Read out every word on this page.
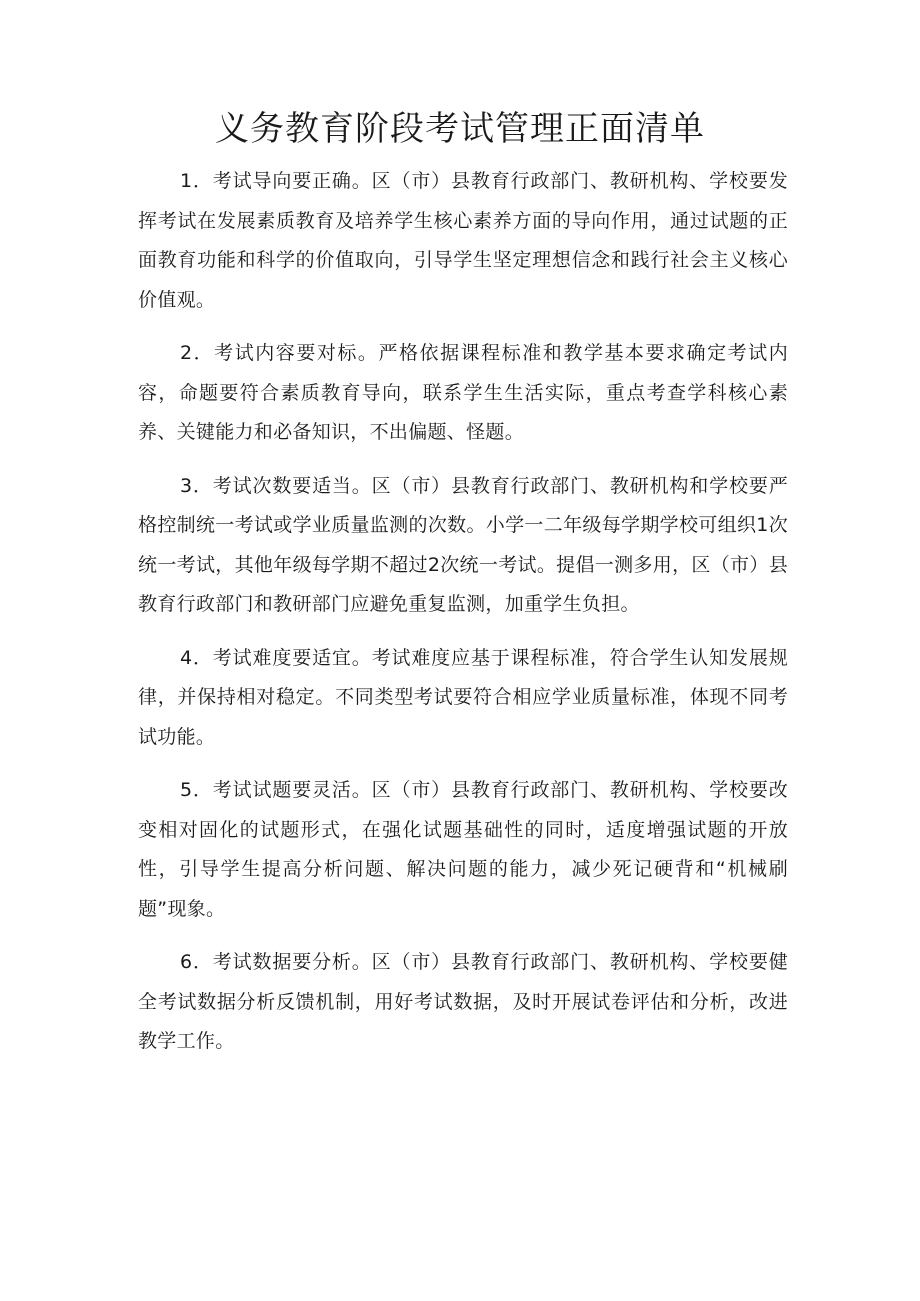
义务教育阶段考试管理正面清单

1．考试导向要正确。区（市）县教育行政部门、教研机构、学校要发挥考试在发展素质教育及培养学生核心素养方面的导向作用，通过试题的正面教育功能和科学的价值取向，引导学生坚定理想信念和践行社会主义核心价值观。

2．考试内容要对标。严格依据课程标准和教学基本要求确定考试内容，命题要符合素质教育导向，联系学生生活实际，重点考查学科核心素养、关键能力和必备知识，不出偏题、怪题。

3．考试次数要适当。区（市）县教育行政部门、教研机构和学校要严格控制统一考试或学业质量监测的次数。小学一二年级每学期学校可组织1次统一考试，其他年级每学期不超过2次统一考试。提倡一测多用，区（市）县教育行政部门和教研部门应避免重复监测，加重学生负担。

4．考试难度要适宜。考试难度应基于课程标准，符合学生认知发展规律，并保持相对稳定。不同类型考试要符合相应学业质量标准，体现不同考试功能。

5．考试试题要灵活。区（市）县教育行政部门、教研机构、学校要改变相对固化的试题形式，在强化试题基础性的同时，适度增强试题的开放性，引导学生提高分析问题、解决问题的能力，减少死记硬背和“机械刷题”现象。

6．考试数据要分析。区（市）县教育行政部门、教研机构、学校要健全考试数据分析反馈机制，用好考试数据，及时开展试卷评估和分析，改进教学工作。
